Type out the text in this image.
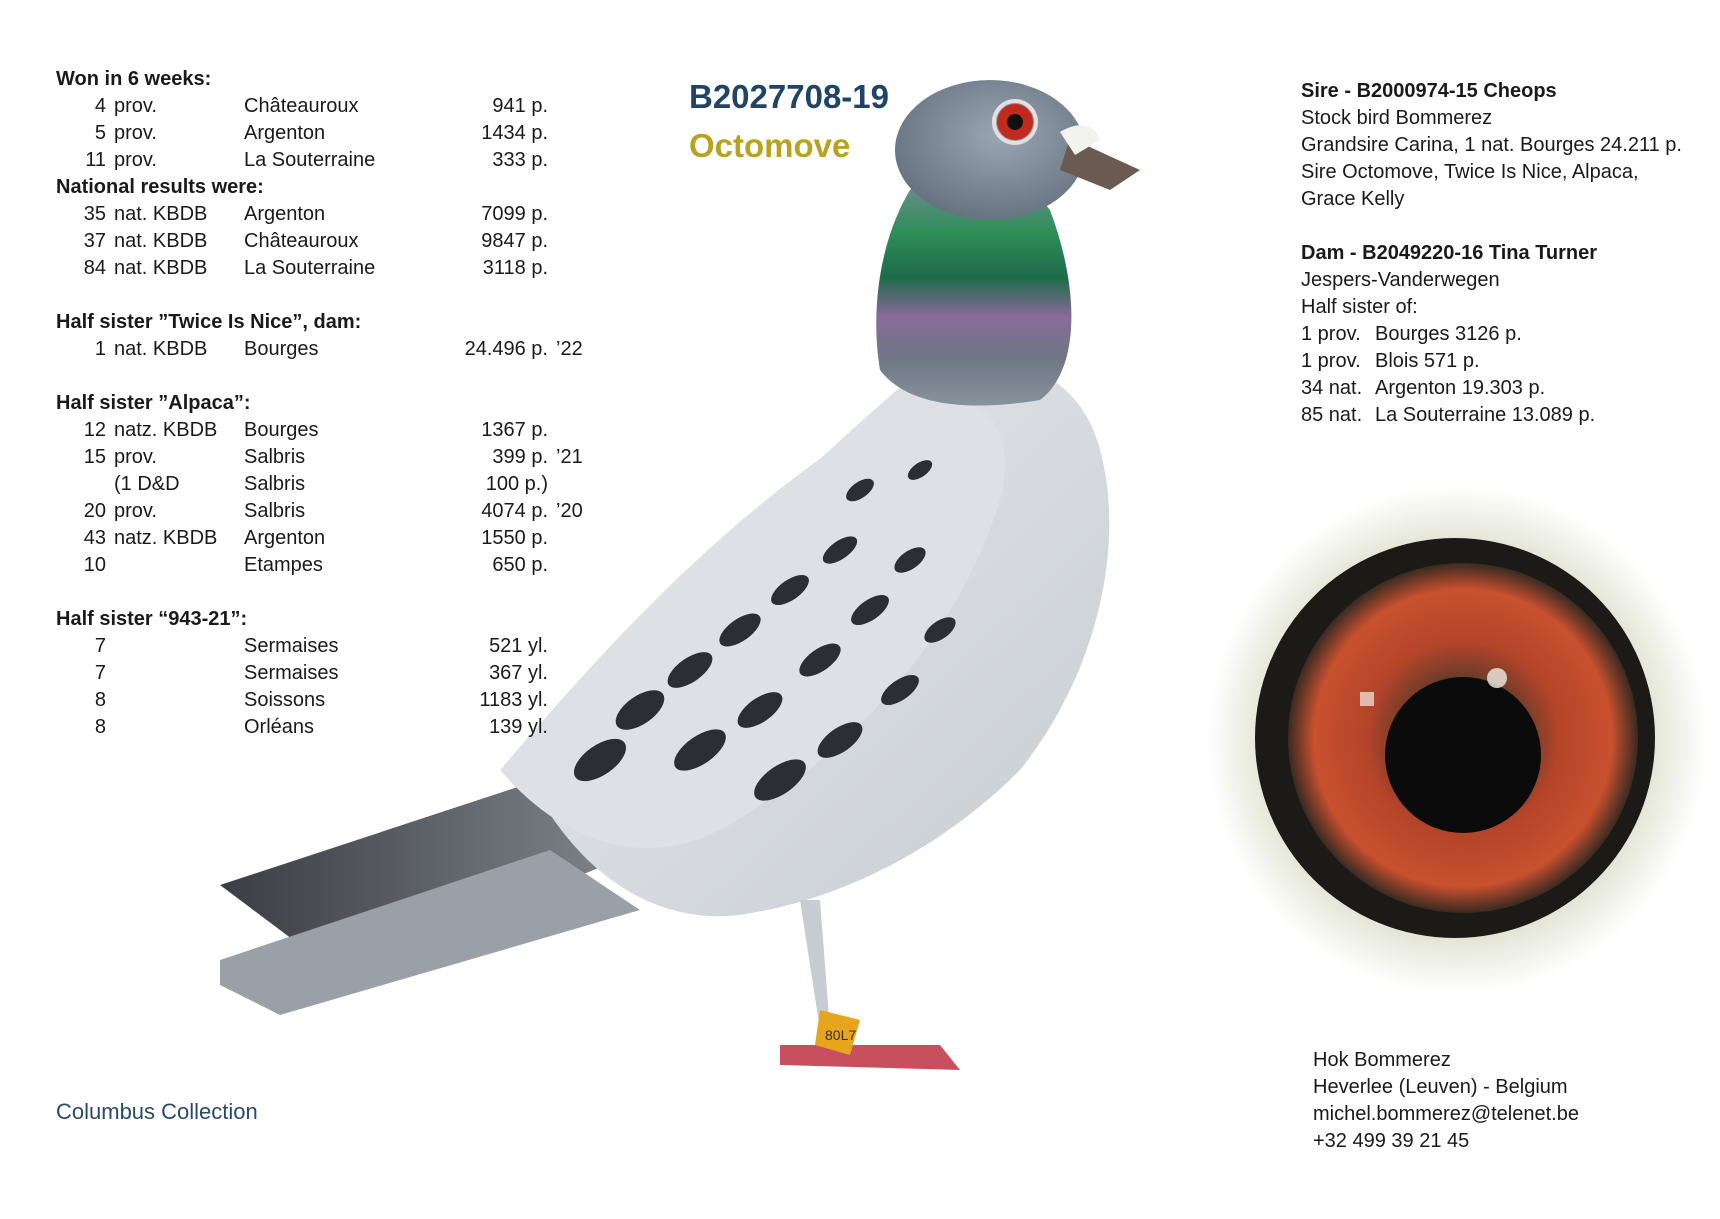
80L7
Won in 6 weeks:
4 prov.	Châteauroux	941 p.
5 prov.	Argenton	1434 p.
11 prov.	La Souterraine	333 p.
National results were:
35 nat. KBDB Argenton	7099 p.
37 nat. KBDB Châteauroux	9847 p.
84 nat. KBDB La Souterraine	3118 p.
Half sister ”Twice Is Nice”, dam:
1 nat. KBDB Bourges	24.496 p. ’22
Half sister ”Alpaca”:
12 natz. KBDB Bourges	1367 p.
15 prov.	Salbris	399 p. ’21
(1 D&D	Salbris	100 p.)
20 prov.	Salbris	4074 p. ’20
43 natz. KBDB Argenton	1550 p.
10	Etampes	650 p.
Half sister “943-21”:
7	Sermaises	521 yl.
7	Sermaises	367 yl.
8	Soissons	1183 yl.
8	Orléans	139 yl.
B2027708-19
Octomove
Sire - B2000974-15 Cheops
Stock bird Bommerez
Grandsire Carina, 1 nat. Bourges 24.211 p.
Sire Octomove, Twice Is Nice, Alpaca,
Grace Kelly
Dam - B2049220-16 Tina Turner
Jespers-Vanderwegen
Half sister of:
1 prov. Bourges 3126 p.
1 prov. Blois 571 p.
34 nat. Argenton 19.303 p.
85 nat. La Souterraine 13.089 p.
Hok Bommerez
Heverlee (Leuven) - Belgium
michel.bommerez@telenet.be
+32 499 39 21 45
Columbus Collection
